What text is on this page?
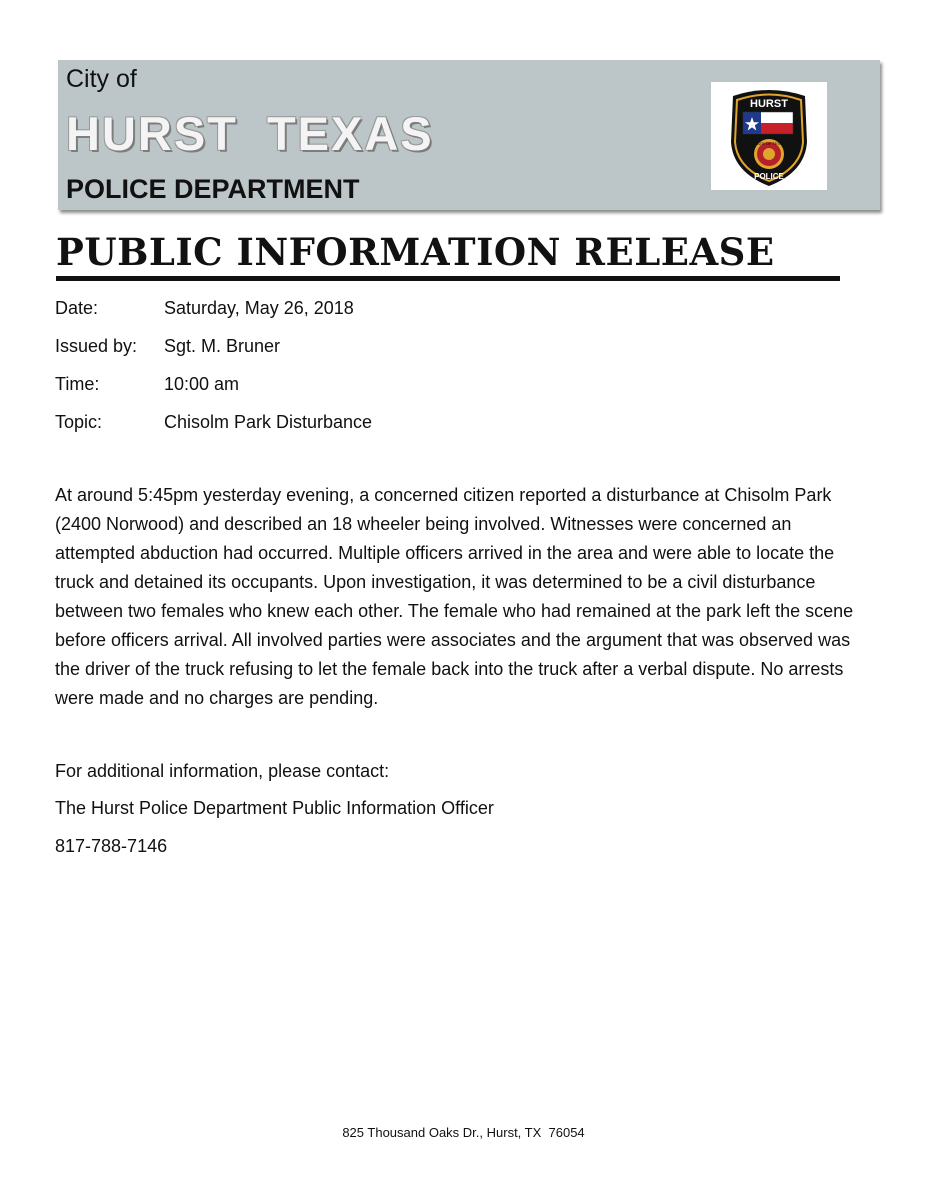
City of
HURST TEXAS
POLICE DEPARTMENT
HURST
STATE OF TEXAS
POLICE
PUBLIC INFORMATION RELEASE
Date:	Saturday, May 26, 2018
Issued by: Sgt. M. Bruner
Time:	10:00 am
Topic:	Chisolm Park Disturbance
At around 5:45pm yesterday evening, a concerned citizen reported a disturbance at Chisolm Park (2400 Norwood) and described an 18 wheeler being involved. Witnesses were concerned an attempted abduction had occurred. Multiple officers arrived in the area and were able to locate the truck and detained its occupants. Upon investigation, it was determined to be a civil disturbance between two females who knew each other. The female who had remained at the park left the scene before officers arrival. All involved parties were associates and the argument that was observed was the driver of the truck refusing to let the female back into the truck after a verbal dispute. No arrests were made and no charges are pending.
For additional information, please contact:
The Hurst Police Department Public Information Officer
817-788-7146
825 Thousand Oaks Dr., Hurst, TX  76054
